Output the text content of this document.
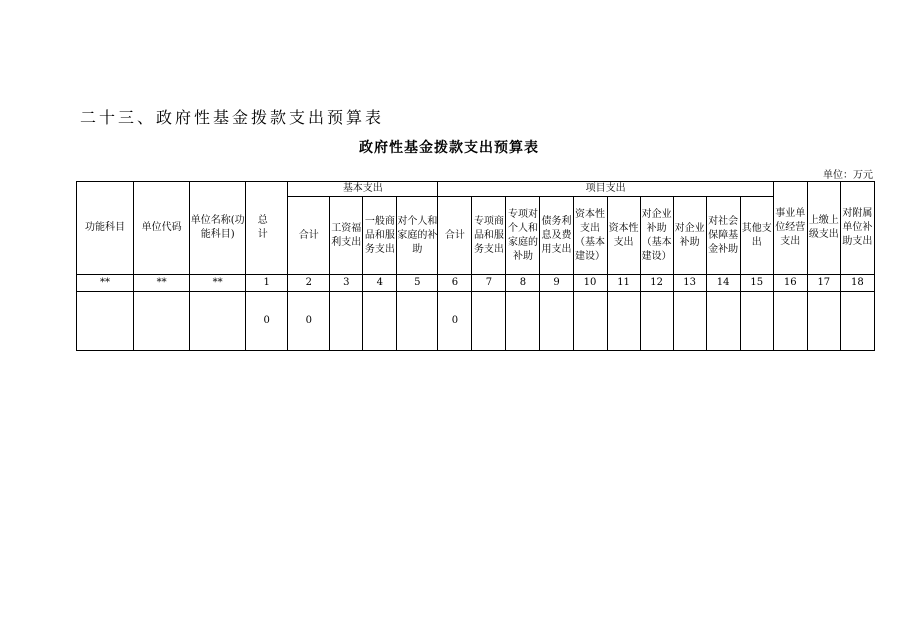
二十三、政府性基金拨款支出预算表
政府性基金拨款支出预算表
单位：万元
功能科目	单位代码	单位名称(功能科目)	总 计	基本支出				项目支出										事业单位经营支出	上缴上级支出	对附属单位补助支出
				合计	工资福利支出	一般商品和服务支出	对个人和家庭的补助	合计	专项商品和服务支出	专项对个人和家庭的补助	债务利息及费用支出	资本性支出（基本建设）	资本性支出	对企业补助（基本建设）	对企业补助	对社会保障基金补助	其他支出			
**	**	**	1	2	3	4	5	6	7	8	9	10	11	12	13	14	15	16	17	18
			0	0				0												
